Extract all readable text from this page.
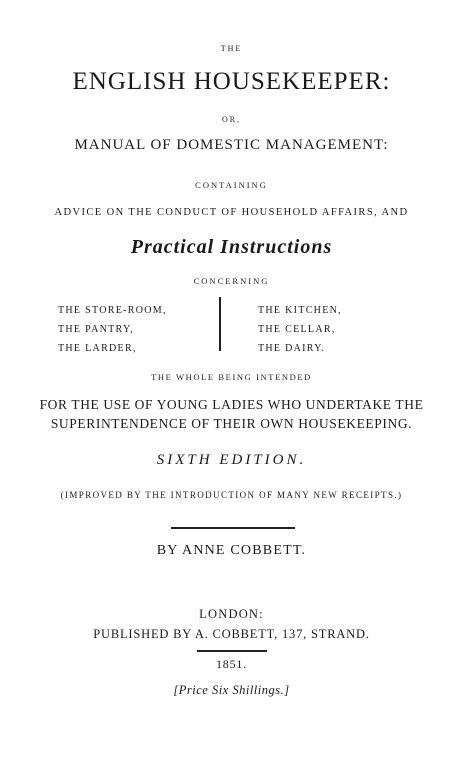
THE
ENGLISH HOUSEKEEPER:
OR,
MANUAL OF DOMESTIC MANAGEMENT:
CONTAINING
ADVICE ON THE CONDUCT OF HOUSEHOLD AFFAIRS, AND
Practical Instructions
CONCERNING
THE STORE-ROOM,
THE PANTRY,
THE LARDER,
THE KITCHEN,
THE CELLAR,
THE DAIRY.
THE WHOLE BEING INTENDED
FOR THE USE OF YOUNG LADIES WHO UNDERTAKE THE
SUPERINTENDENCE OF THEIR OWN HOUSEKEEPING.
SIXTH EDITION.
(IMPROVED BY THE INTRODUCTION OF MANY NEW RECEIPTS.)
BY ANNE COBBETT.
LONDON:
PUBLISHED BY A. COBBETT, 137, STRAND.
1851.
[Price Six Shillings.]
